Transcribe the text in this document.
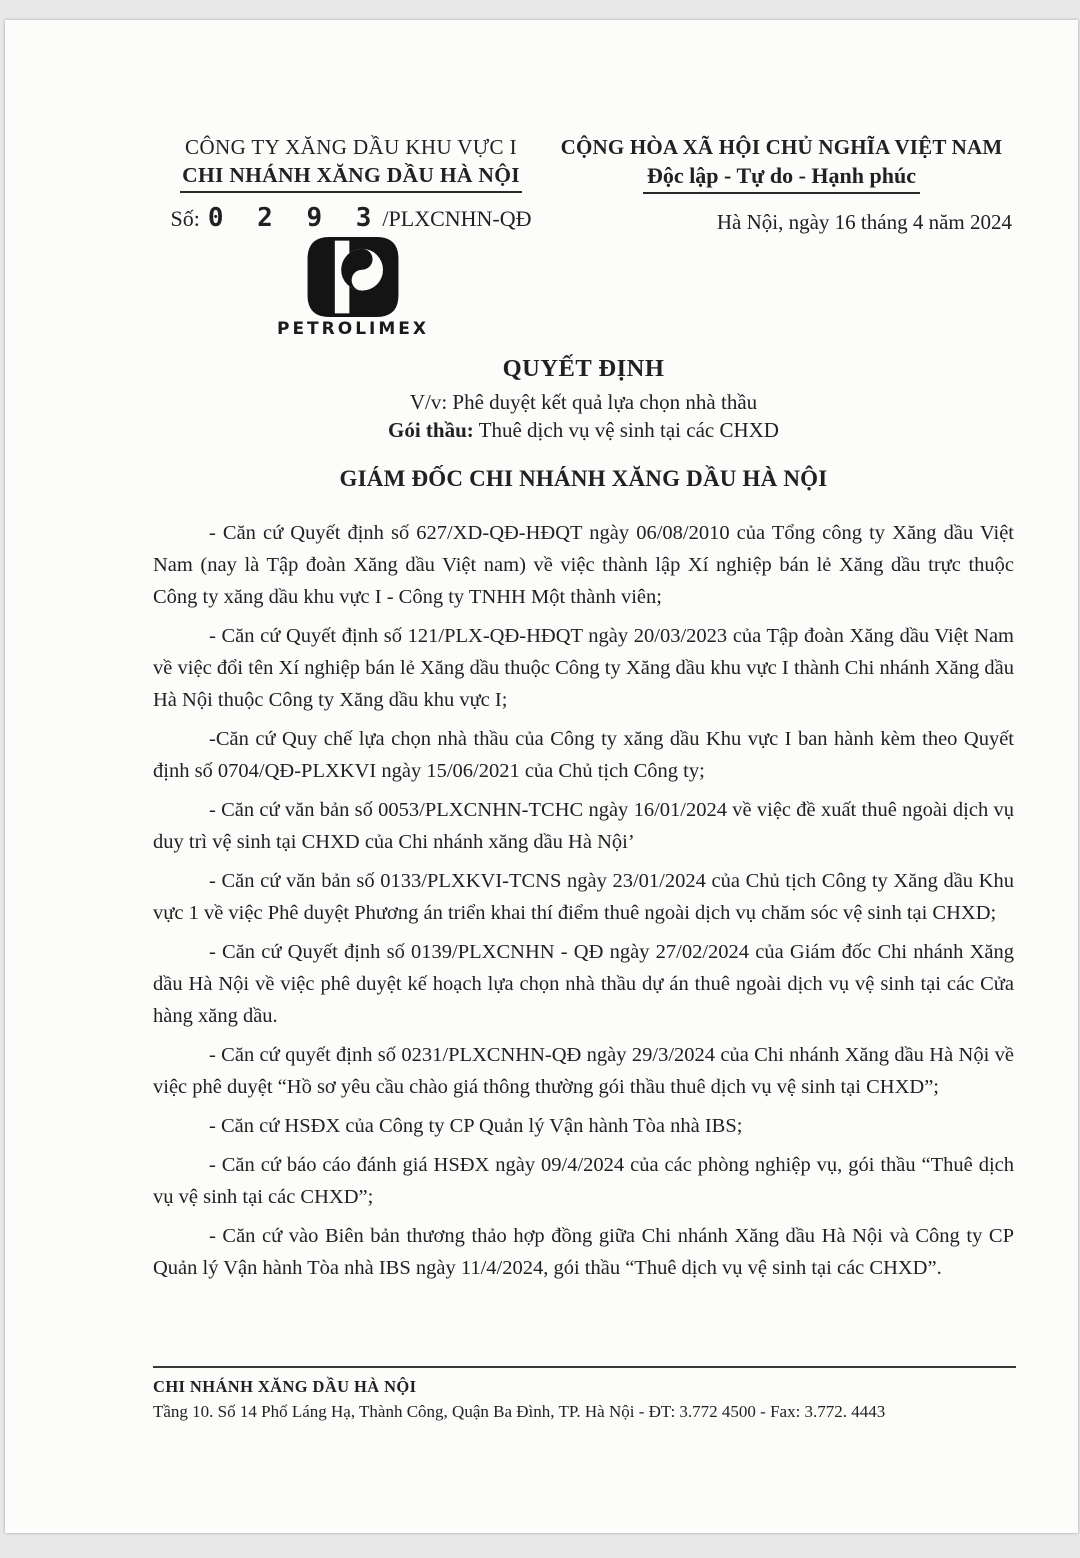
CÔNG TY XĂNG DẦU KHU VỰC I
CHI NHÁNH XĂNG DẦU HÀ NỘI
Số: 0 2 9 3/PLXCNHN-QĐ
PETROLIMEX
CỘNG HÒA XÃ HỘI CHỦ NGHĨA VIỆT NAM
Độc lập - Tự do - Hạnh phúc
Hà Nội, ngày 16 tháng 4 năm 2024
QUYẾT ĐỊNH
V/v: Phê duyệt kết quả lựa chọn nhà thầu
Gói thầu: Thuê dịch vụ vệ sinh tại các CHXD
GIÁM ĐỐC CHI NHÁNH XĂNG DẦU HÀ NỘI

- Căn cứ Quyết định số 627/XD-QĐ-HĐQT ngày 06/08/2010 của Tổng công ty Xăng dầu Việt Nam (nay là Tập đoàn Xăng dầu Việt nam) về việc thành lập Xí nghiệp bán lẻ Xăng dầu trực thuộc Công ty xăng dầu khu vực I - Công ty TNHH Một thành viên;

- Căn cứ Quyết định số 121/PLX-QĐ-HĐQT ngày 20/03/2023 của Tập đoàn Xăng dầu Việt Nam về việc đổi tên Xí nghiệp bán lẻ Xăng dầu thuộc Công ty Xăng dầu khu vực I thành Chi nhánh Xăng dầu Hà Nội thuộc Công ty Xăng dầu khu vực I;

-Căn cứ Quy chế lựa chọn nhà thầu của Công ty xăng dầu Khu vực I ban hành kèm theo Quyết định số 0704/QĐ-PLXKVI ngày 15/06/2021 của Chủ tịch Công ty;

- Căn cứ văn bản số 0053/PLXCNHN-TCHC ngày 16/01/2024 về việc đề xuất thuê ngoài dịch vụ duy trì vệ sinh tại CHXD của Chi nhánh xăng dầu Hà Nội’

- Căn cứ văn bản số 0133/PLXKVI-TCNS ngày 23/01/2024 của Chủ tịch Công ty Xăng dầu Khu vực 1 về việc Phê duyệt Phương án triển khai thí điểm thuê ngoài dịch vụ chăm sóc vệ sinh tại CHXD;

- Căn cứ Quyết định số 0139/PLXCNHN - QĐ ngày 27/02/2024 của Giám đốc Chi nhánh Xăng dầu Hà Nội về việc phê duyệt kế hoạch lựa chọn nhà thầu dự án thuê ngoài dịch vụ vệ sinh tại các Cửa hàng xăng dầu.

- Căn cứ quyết định số 0231/PLXCNHN-QĐ ngày 29/3/2024 của Chi nhánh Xăng dầu Hà Nội về việc phê duyệt “Hồ sơ yêu cầu chào giá thông thường gói thầu thuê dịch vụ vệ sinh tại CHXD”;

- Căn cứ HSĐX của Công ty CP Quản lý Vận hành Tòa nhà IBS;

- Căn cứ báo cáo đánh giá HSĐX ngày 09/4/2024 của các phòng nghiệp vụ, gói thầu “Thuê dịch vụ vệ sinh tại các CHXD”;

- Căn cứ vào Biên bản thương thảo hợp đồng giữa Chi nhánh Xăng dầu Hà Nội và Công ty CP Quản lý Vận hành Tòa nhà IBS ngày 11/4/2024, gói thầu “Thuê dịch vụ vệ sinh tại các CHXD”.

CHI NHÁNH XĂNG DẦU HÀ NỘI
Tầng 10. Số 14 Phố Láng Hạ, Thành Công, Quận Ba Đình, TP. Hà Nội - ĐT: 3.772 4500 - Fax: 3.772. 4443
